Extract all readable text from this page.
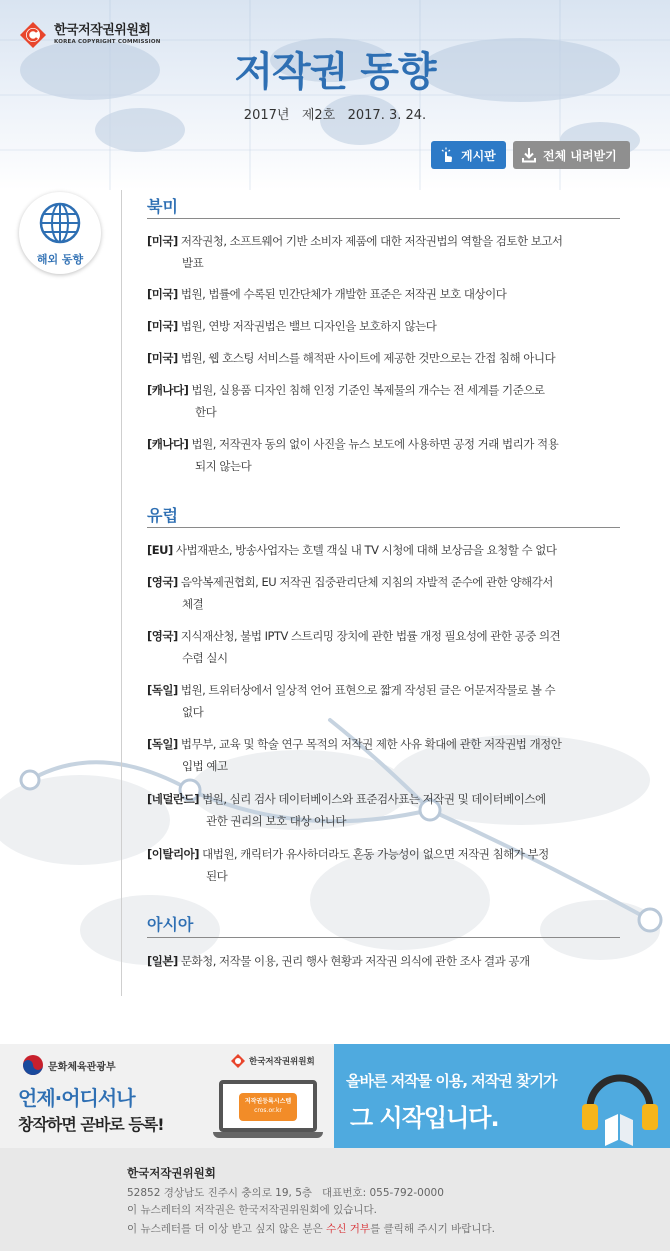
한국저작권위원회
KOREA COPYRIGHT COMMISSION
저작권 동향
2017년   제2호   2017. 3. 24.
게시판	전체 내려받기
해외 동향
북미
[미국] 저작권청, 소프트웨어 기반 소비자 제품에 대한 저작권법의 역할을 검토한 보고서
발표
[미국] 법원, 법률에 수록된 민간단체가 개발한 표준은 저작권 보호 대상이다
[미국] 법원, 연방 저작권법은 밸브 디자인을 보호하지 않는다
[미국] 법원, 웹 호스팅 서비스를 해적판 사이트에 제공한 것만으로는 간접 침해 아니다
[캐나다] 법원, 실용품 디자인 침해 인정 기준인 복제물의 개수는 전 세계를 기준으로
한다
[캐나다] 법원, 저작권자 동의 없이 사진을 뉴스 보도에 사용하면 공정 거래 법리가 적용
되지 않는다
유럽
[EU] 사법재판소, 방송사업자는 호텔 객실 내 TV 시청에 대해 보상금을 요청할 수 없다
[영국] 음악복제권협회, EU 저작권 집중관리단체 지침의 자발적 준수에 관한 양해각서
체결
[영국] 지식재산청, 불법 IPTV 스트리밍 장치에 관한 법률 개정 필요성에 관한 공중 의견
수렴 실시
[독일] 법원, 트위터상에서 일상적 언어 표현으로 짧게 작성된 글은 어문저작물로 볼 수
없다
[독일] 법무부, 교육 및 학술 연구 목적의 저작권 제한 사유 확대에 관한 저작권법 개정안
입법 예고
[네덜란드] 법원, 심리 검사 데이터베이스와 표준검사표는 저작권 및 데이터베이스에
관한 권리의 보호 대상 아니다
[이탈리아] 대법원, 캐릭터가 유사하더라도 혼동 가능성이 없으면 저작권 침해가 부정
된다
아시아
[일본] 문화청, 저작물 이용, 권리 행사 현황과 저작권 의식에 관한 조사 결과 공개
문화체육관광부
언제·어디서나
창작하면 곧바로 등록!
한국저작권위원회
저작권등록시스템
cros.or.kr
올바른 저작물 이용, 저작권 찾기가
그 시작입니다.
한국저작권위원회
52852 경상남도 진주시 충의로 19, 5층   대표번호: 055-792-0000
이 뉴스레터의 저작권은 한국저작권위원회에 있습니다.
이 뉴스레터를 더 이상 받고 싶지 않은 분은 수신 거부를 클릭해 주시기 바랍니다.
